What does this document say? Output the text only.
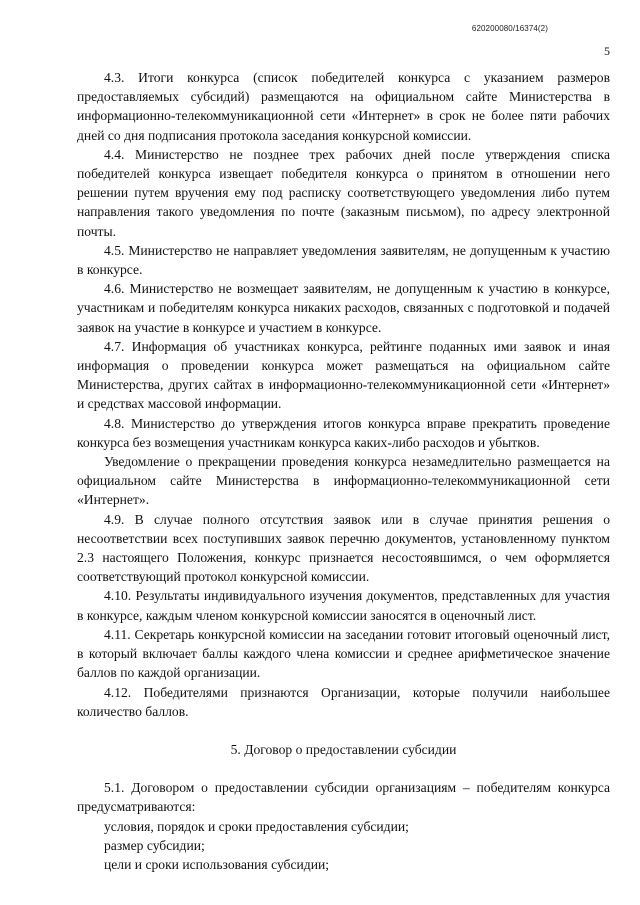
620200080/16374(2)
5

4.3. Итоги конкурса (список победителей конкурса с указанием размеров предоставляемых субсидий) размещаются на официальном сайте Министерства в информационно-телекоммуникационной сети «Интернет» в срок не более пяти рабочих дней со дня подписания протокола заседания конкурсной комиссии.

4.4. Министерство не позднее трех рабочих дней после утверждения списка победителей конкурса извещает победителя конкурса о принятом в отношении него решении путем вручения ему под расписку соответствующего уведомления либо путем направления такого уведомления по почте (заказным письмом), по адресу электронной почты.

4.5. Министерство не направляет уведомления заявителям, не допущенным к участию в конкурсе.

4.6. Министерство не возмещает заявителям, не допущенным к участию в конкурсе, участникам и победителям конкурса никаких расходов, связанных с подготовкой и подачей заявок на участие в конкурсе и участием в конкурсе.

4.7. Информация об участниках конкурса, рейтинге поданных ими заявок и иная информация о проведении конкурса может размещаться на официальном сайте Министерства, других сайтах в информационно-телекоммуникационной сети «Интернет» и средствах массовой информации.

4.8. Министерство до утверждения итогов конкурса вправе прекратить проведение конкурса без возмещения участникам конкурса каких-либо расходов и убытков.

Уведомление о прекращении проведения конкурса незамедлительно размещается на официальном сайте Министерства в информационно-телекоммуникационной сети «Интернет».

4.9. В случае полного отсутствия заявок или в случае принятия решения о несоответствии всех поступивших заявок перечню документов, установленному пунктом 2.3 настоящего Положения, конкурс признается несостоявшимся, о чем оформляется соответствующий протокол конкурсной комиссии.

4.10. Результаты индивидуального изучения документов, представленных для участия в конкурсе, каждым членом конкурсной комиссии заносятся в оценочный лист.

4.11. Секретарь конкурсной комиссии на заседании готовит итоговый оценочный лист, в который включает баллы каждого члена комиссии и среднее арифметическое значение баллов по каждой организации.

4.12. Победителями признаются Организации, которые получили наибольшее количество баллов.

5. Договор о предоставлении субсидии

5.1. Договором о предоставлении субсидии организациям – победителям конкурса предусматриваются:

условия, порядок и сроки предоставления субсидии;

размер субсидии;

цели и сроки использования субсидии;
